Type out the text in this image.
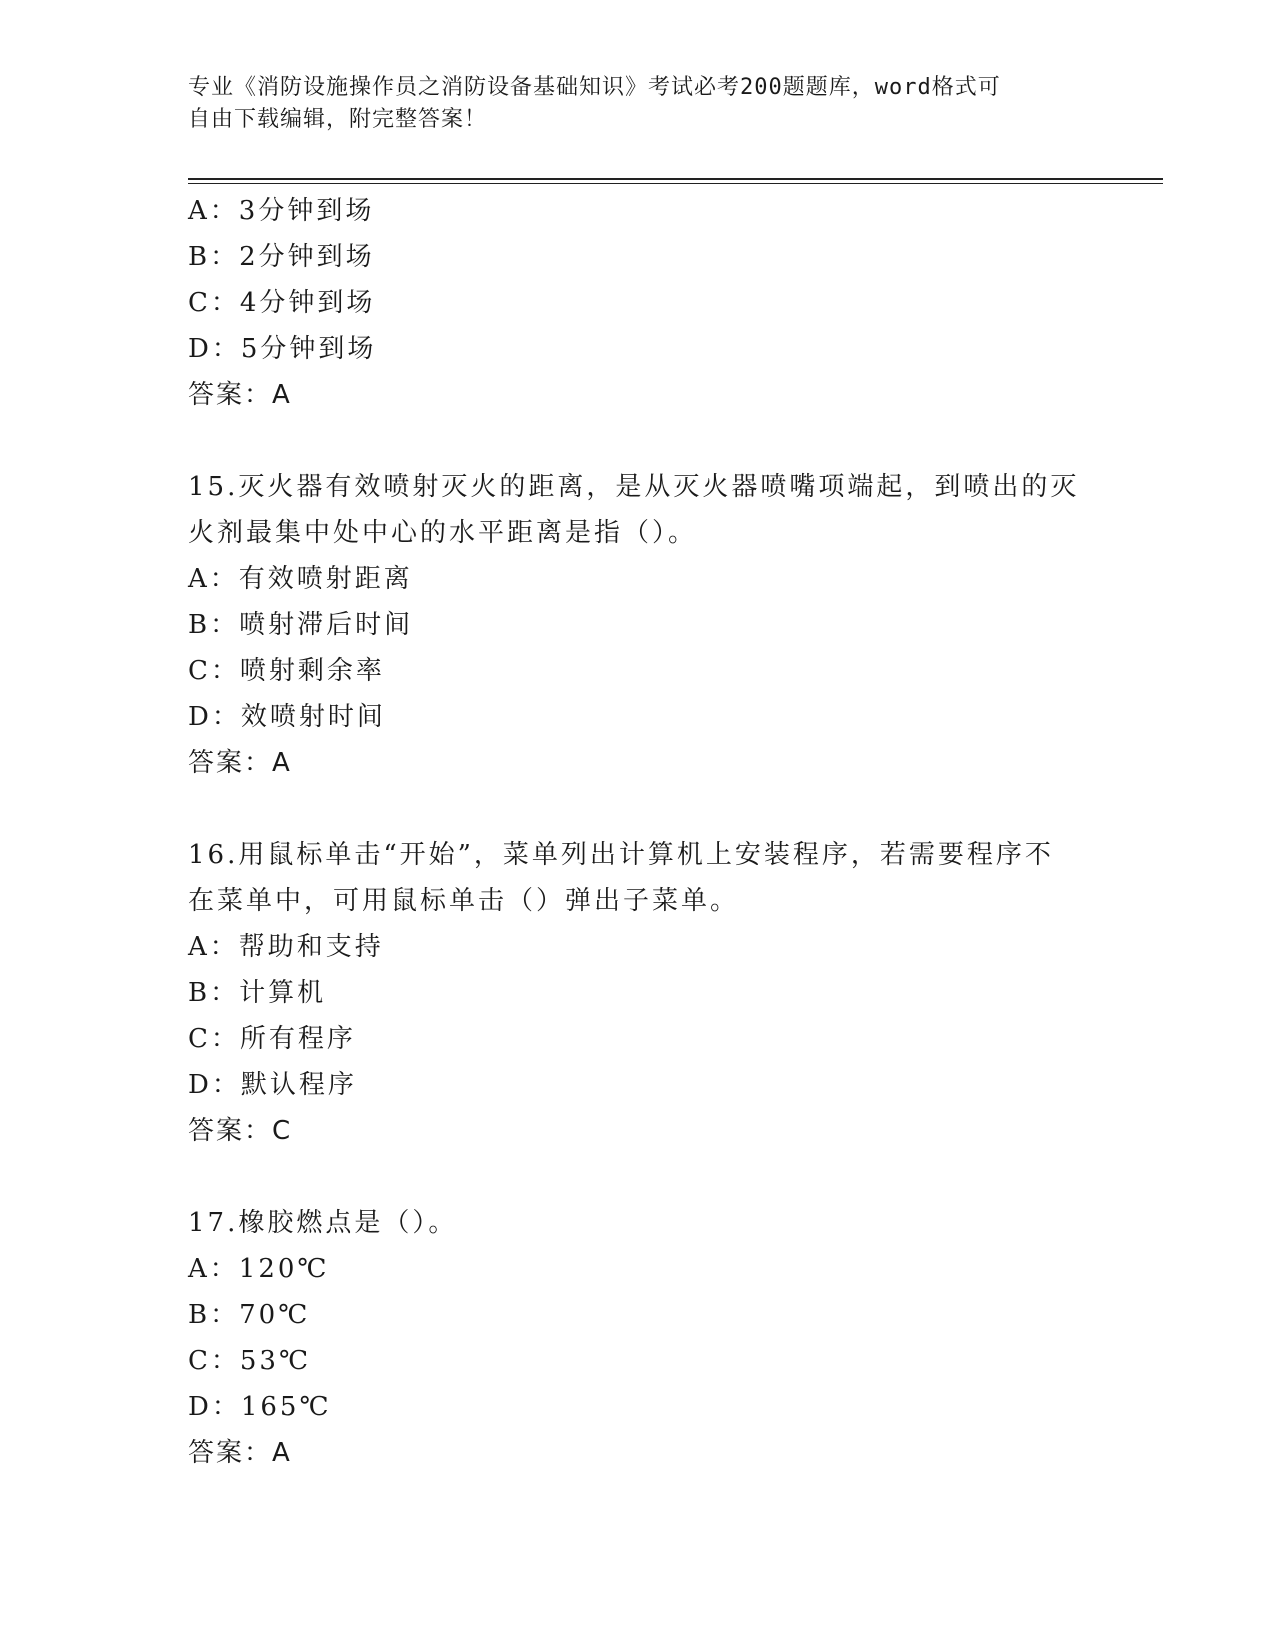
专业《消防设施操作员之消防设备基础知识》考试必考200题题库，word格式可
自由下载编辑，附完整答案！
A：3分钟到场
B：2分钟到场
C：4分钟到场
D：5分钟到场
答案：A
15.灭火器有效喷射灭火的距离，是从灭火器喷嘴项端起，到喷出的灭
火剂最集中处中心的水平距离是指（）。
A：有效喷射距离
B：喷射滞后时间
C：喷射剩余率
D：效喷射时间
答案：A
16.用鼠标单击“开始”，菜单列出计算机上安装程序，若需要程序不
在菜单中，可用鼠标单击（）弹出子菜单。
A：帮助和支持
B：计算机
C：所有程序
D：默认程序
答案：C
17.橡胶燃点是（）。
A：120℃
B：70℃
C：53℃
D：165℃
答案：A
